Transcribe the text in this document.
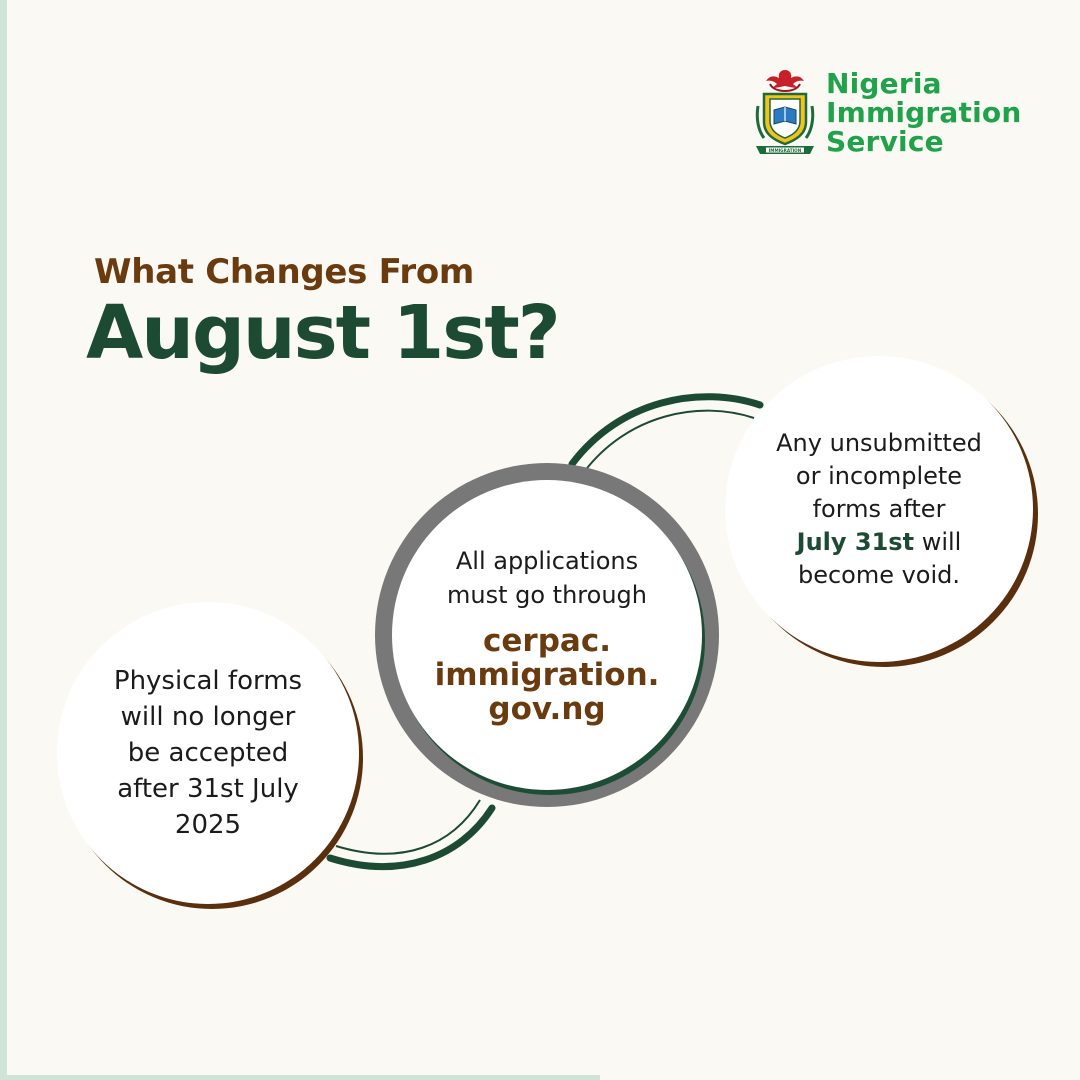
IMMIGRATION
Nigeria
Immigration
Service
What Changes From
August 1st?
Physical forms
will no longer
be accepted
after 31st July
2025
All applications
must go through
cerpac.
immigration.
gov.ng
Any unsubmitted
or incomplete
forms after
July 31st will
become void.
